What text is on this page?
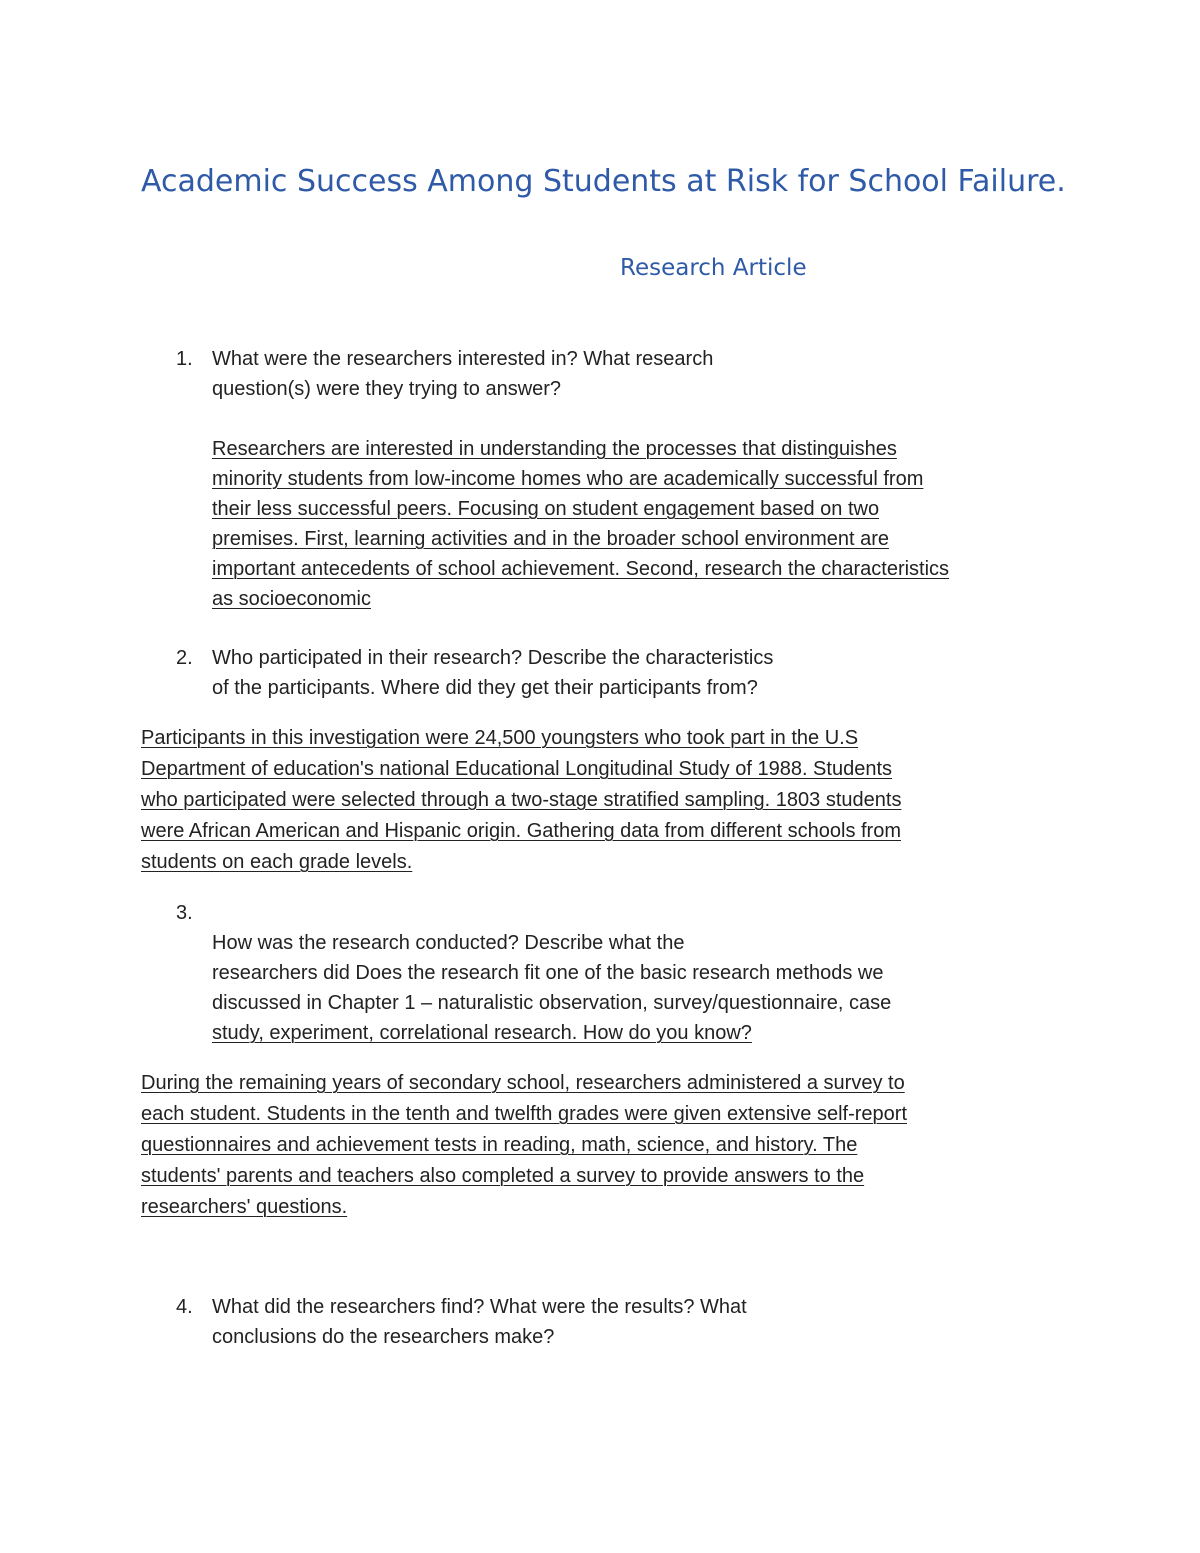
Academic Success Among Students at Risk for School Failure.
Research Article
1. What were the researchers interested in? What research
question(s) were they trying to answer?
Researchers are interested in understanding the processes that distinguishes
minority students from low-income homes who are academically successful from
their less successful peers. Focusing on student engagement based on two
premises. First, learning activities and in the broader school environment are
important antecedents of school achievement. Second, research the characteristics
as socioeconomic
2. Who participated in their research? Describe the characteristics
of the participants. Where did they get their participants from?
Participants in this investigation were 24,500 youngsters who took part in the U.S
Department of education's national Educational Longitudinal Study of 1988. Students
who participated were selected through a two-stage stratified sampling. 1803 students
were African American and Hispanic origin. Gathering data from different schools from
students on each grade levels.
3.
How was the research conducted? Describe what the
researchers did Does the research fit one of the basic research methods we
discussed in Chapter 1 – naturalistic observation, survey/questionnaire, case
study, experiment, correlational research. How do you know?
During the remaining years of secondary school, researchers administered a survey to
each student. Students in the tenth and twelfth grades were given extensive self-report
questionnaires and achievement tests in reading, math, science, and history. The
students' parents and teachers also completed a survey to provide answers to the
researchers' questions.
4. What did the researchers find? What were the results? What
conclusions do the researchers make?
